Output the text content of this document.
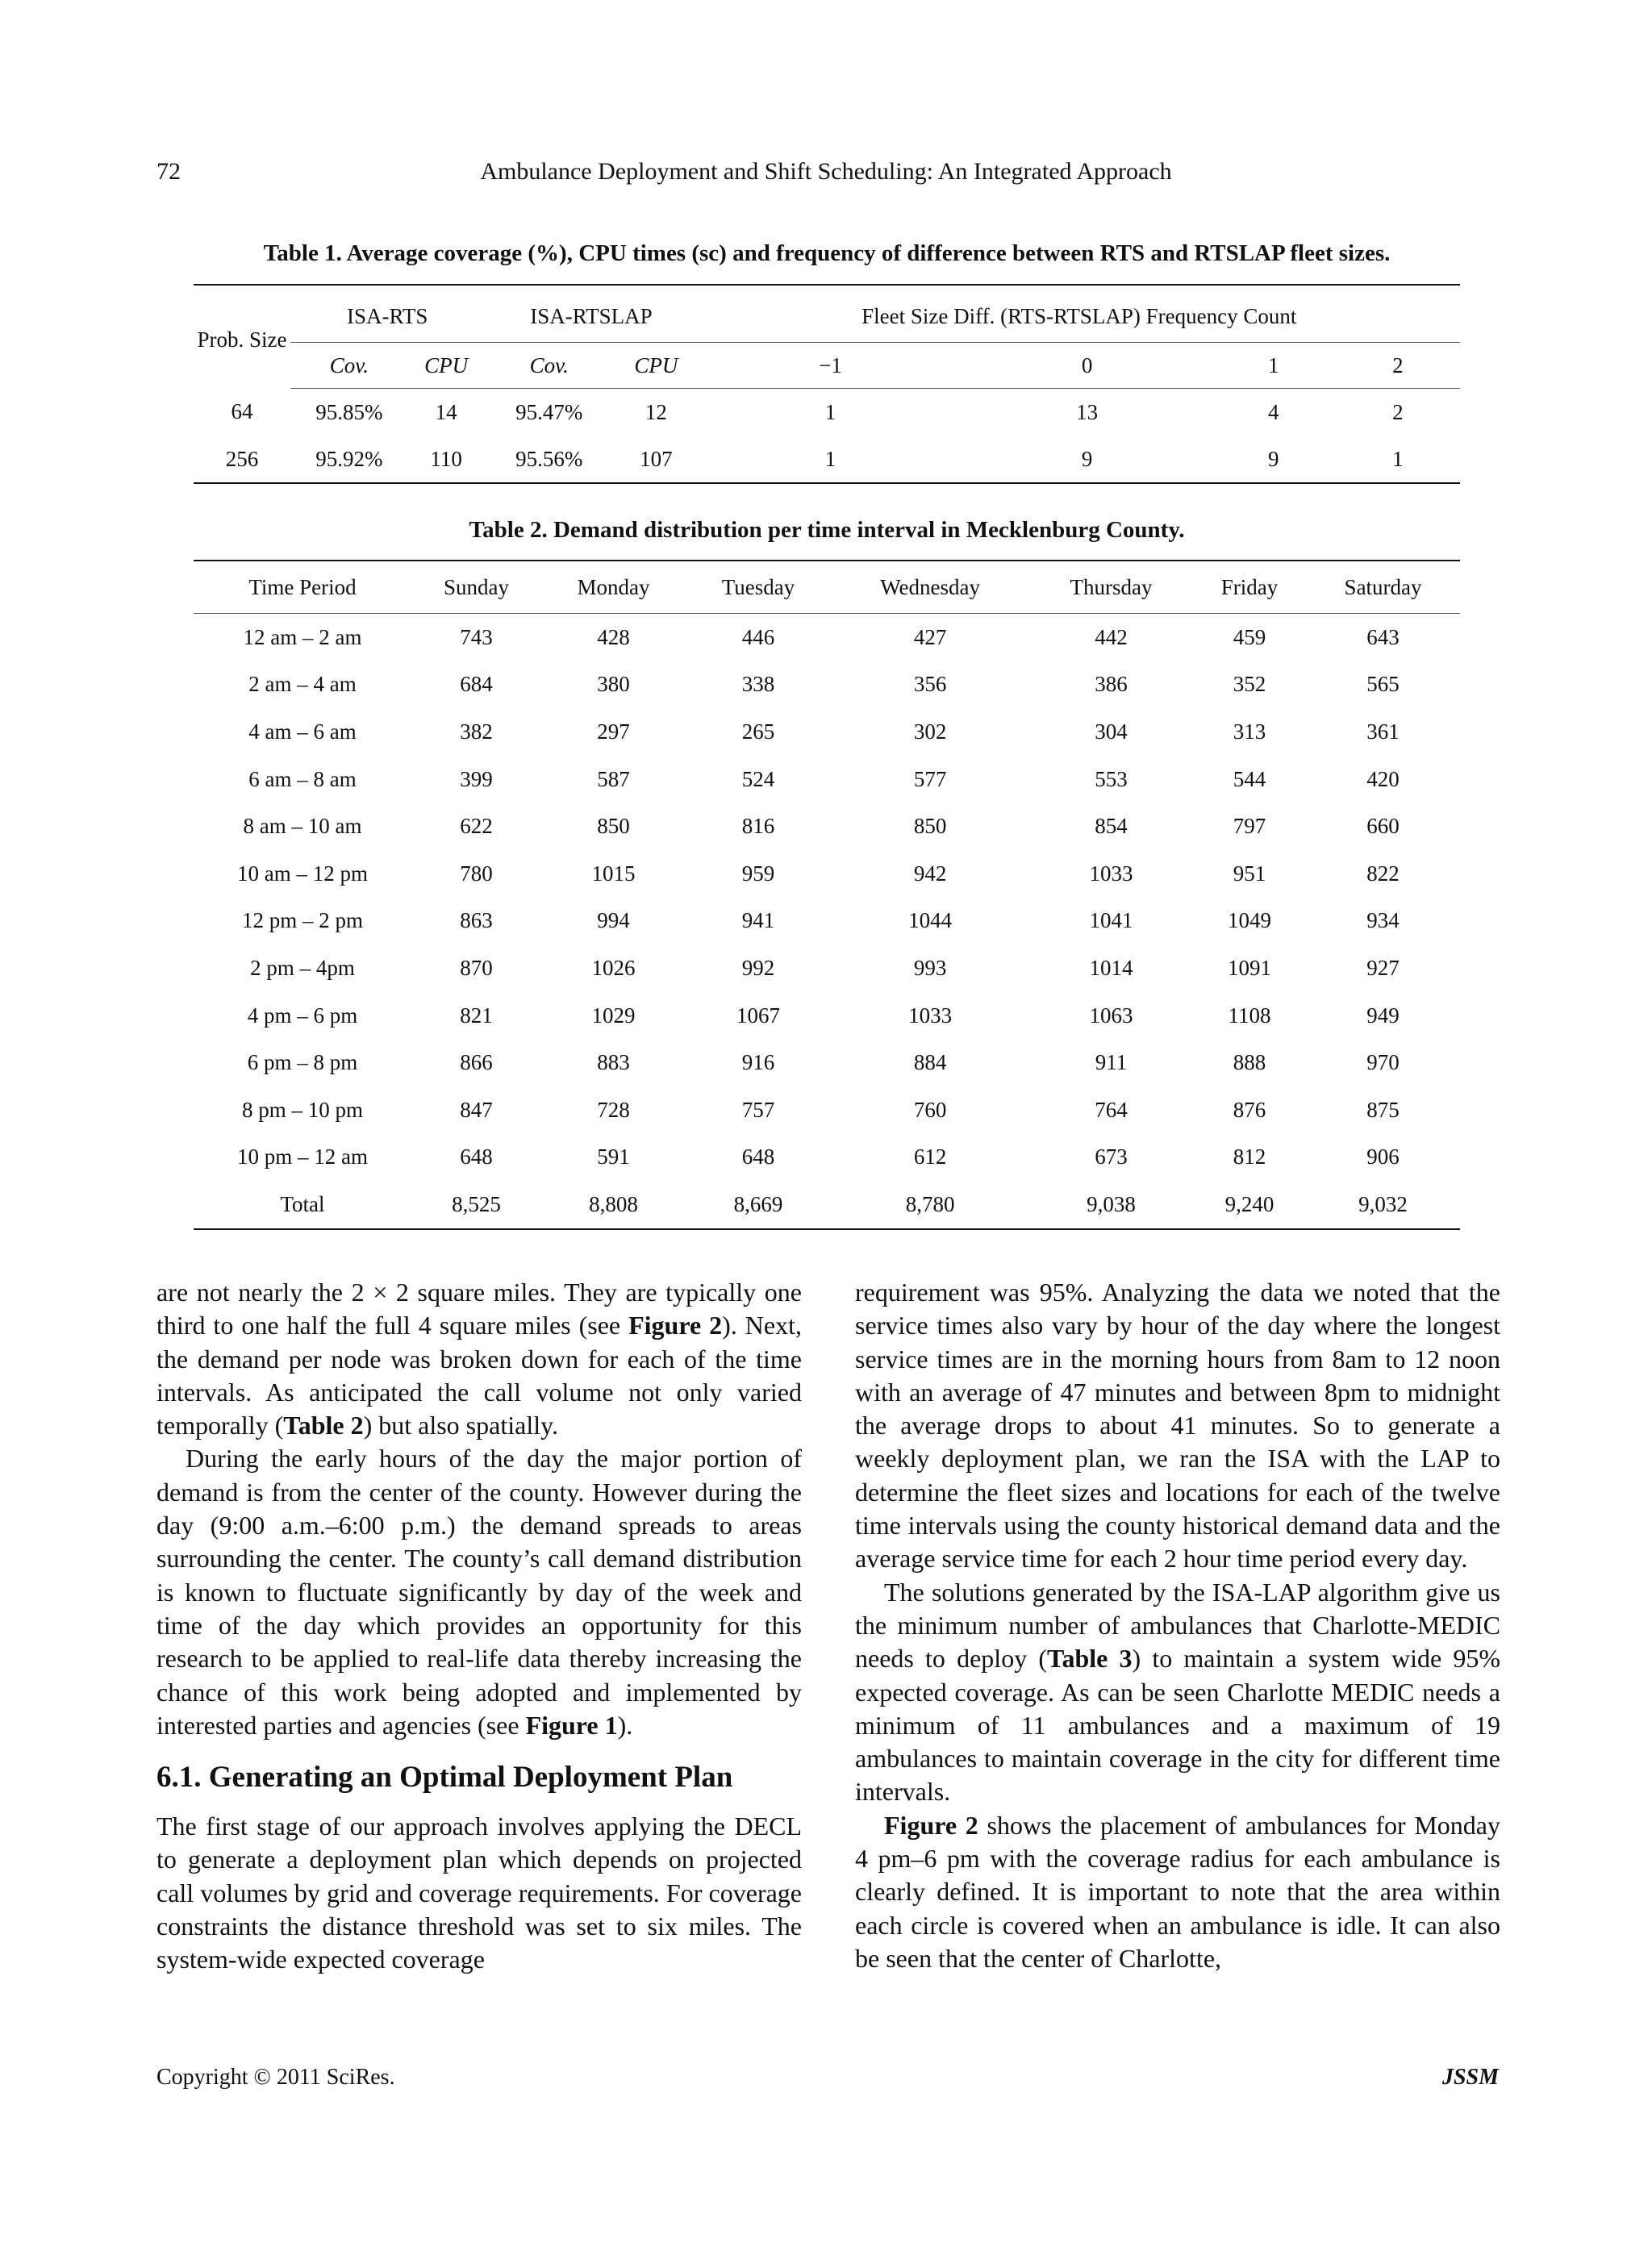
72	Ambulance Deployment and Shift Scheduling: An Integrated Approach
Table 1. Average coverage (%), CPU times (sc) and frequency of difference between RTS and RTSLAP fleet sizes.
Prob. Size	ISA-RTS		ISA-RTSLAP		Fleet Size Diff. (RTS-RTSLAP) Frequency Count			
	Cov.	CPU	Cov.	CPU	−1	0	1	2
64	95.85%	14	95.47%	12	1	13	4	2
256	95.92%	110	95.56%	107	1	9	9	1
Table 2. Demand distribution per time interval in Mecklenburg County.
Time Period	Sunday	Monday	Tuesday	Wednesday	Thursday	Friday	Saturday
12 am – 2 am	743	428	446	427	442	459	643
2 am – 4 am	684	380	338	356	386	352	565
4 am – 6 am	382	297	265	302	304	313	361
6 am – 8 am	399	587	524	577	553	544	420
8 am – 10 am	622	850	816	850	854	797	660
10 am – 12 pm	780	1015	959	942	1033	951	822
12 pm – 2 pm	863	994	941	1044	1041	1049	934
2 pm – 4pm	870	1026	992	993	1014	1091	927
4 pm – 6 pm	821	1029	1067	1033	1063	1108	949
6 pm – 8 pm	866	883	916	884	911	888	970
8 pm – 10 pm	847	728	757	760	764	876	875
10 pm – 12 am	648	591	648	612	673	812	906
Total	8,525	8,808	8,669	8,780	9,038	9,240	9,032

are not nearly the 2 × 2 square miles. They are typically one third to one half the full 4 square miles (see Figure 2). Next, the demand per node was broken down for each of the time intervals. As anticipated the call volume not only varied temporally (Table 2) but also spatially.

During the early hours of the day the major portion of demand is from the center of the county. However during the day (9:00 a.m.–6:00 p.m.) the demand spreads to areas surrounding the center. The county’s call demand distribution is known to fluctuate significantly by day of the week and time of the day which provides an opportunity for this research to be applied to real-life data thereby increasing the chance of this work being adopted and implemented by interested parties and agencies (see Figure 1).

6.1. Generating an Optimal Deployment Plan

The first stage of our approach involves applying the DECL to generate a deployment plan which depends on projected call volumes by grid and coverage requirements. For coverage constraints the distance threshold was set to six miles. The system-wide expected coverage

requirement was 95%. Analyzing the data we noted that the service times also vary by hour of the day where the longest service times are in the morning hours from 8am to 12 noon with an average of 47 minutes and between 8pm to midnight the average drops to about 41 minutes. So to generate a weekly deployment plan, we ran the ISA with the LAP to determine the fleet sizes and locations for each of the twelve time intervals using the county historical demand data and the average service time for each 2 hour time period every day.

The solutions generated by the ISA-LAP algorithm give us the minimum number of ambulances that Charlotte-MEDIC needs to deploy (Table 3) to maintain a system wide 95% expected coverage. As can be seen Charlotte MEDIC needs a minimum of 11 ambulances and a maximum of 19 ambulances to maintain coverage in the city for different time intervals.

Figure 2 shows the placement of ambulances for Monday 4 pm–6 pm with the coverage radius for each ambulance is clearly defined. It is important to note that the area within each circle is covered when an ambulance is idle. It can also be seen that the center of Charlotte,

Copyright © 2011 SciRes.	JSSM
